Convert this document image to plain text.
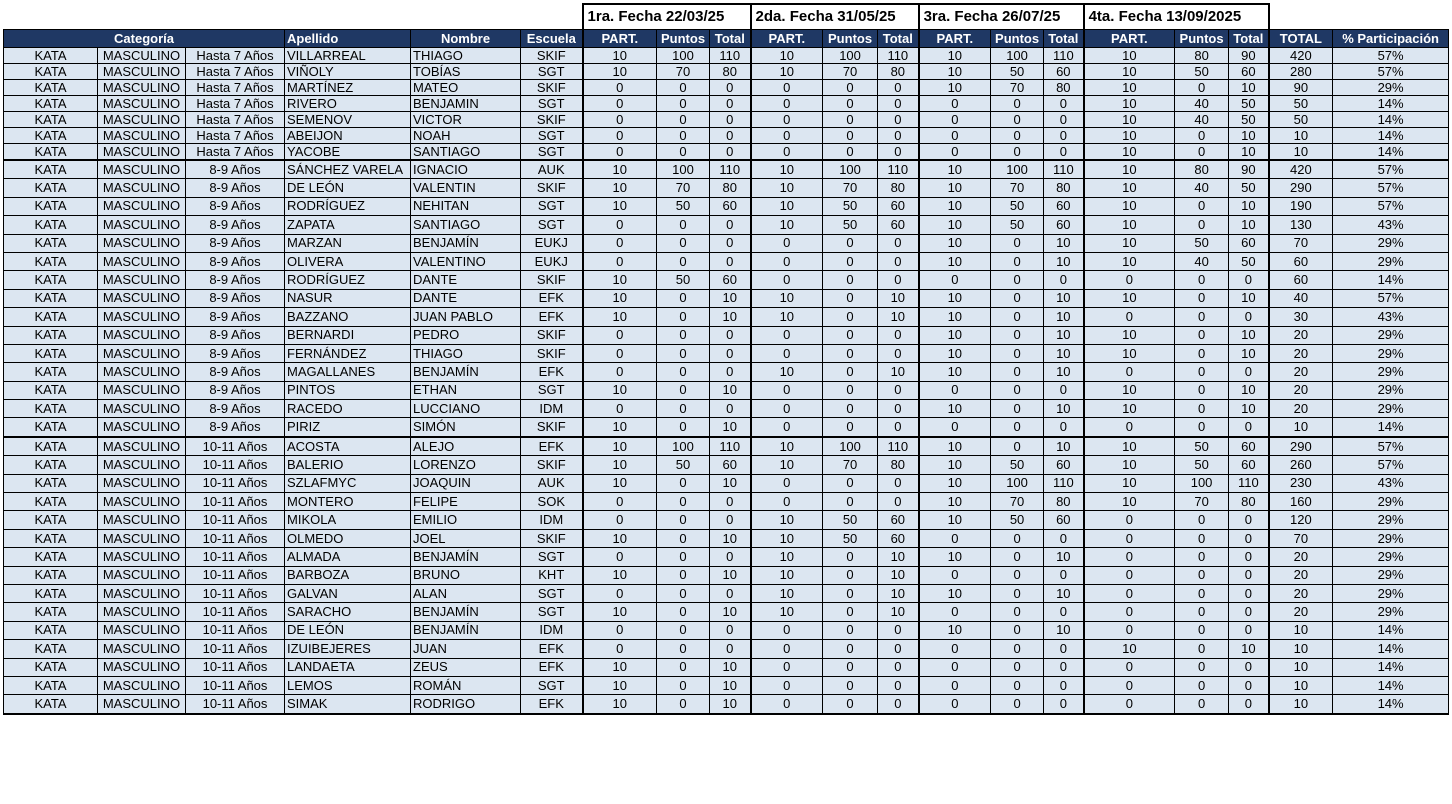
						1ra. Fecha 22/03/25			2da. Fecha 31/05/25			3ra. Fecha 26/07/25			4ta. Fecha 13/09/2025				
Categoría			Apellido	Nombre	Escuela	PART.	Puntos	Total	PART.	Puntos	Total	PART.	Puntos	Total	PART.	Puntos	Total	TOTAL	% Participación
KATA	MASCULINO	Hasta 7 Años	VILLARREAL	THIAGO	SKIF	10	100	110	10	100	110	10	100	110	10	80	90	420	57%
KATA	MASCULINO	Hasta 7 Años	VIÑOLY	TOBÍAS	SGT	10	70	80	10	70	80	10	50	60	10	50	60	280	57%
KATA	MASCULINO	Hasta 7 Años	MARTÍNEZ	MATEO	SKIF	0	0	0	0	0	0	10	70	80	10	0	10	90	29%
KATA	MASCULINO	Hasta 7 Años	RIVERO	BENJAMIN	SGT	0	0	0	0	0	0	0	0	0	10	40	50	50	14%
KATA	MASCULINO	Hasta 7 Años	SEMENOV	VICTOR	SKIF	0	0	0	0	0	0	0	0	0	10	40	50	50	14%
KATA	MASCULINO	Hasta 7 Años	ABEIJON	NOAH	SGT	0	0	0	0	0	0	0	0	0	10	0	10	10	14%
KATA	MASCULINO	Hasta 7 Años	YACOBE	SANTIAGO	SGT	0	0	0	0	0	0	0	0	0	10	0	10	10	14%
KATA	MASCULINO	8-9 Años	SÁNCHEZ VARELA	IGNACIO	AUK	10	100	110	10	100	110	10	100	110	10	80	90	420	57%
KATA	MASCULINO	8-9 Años	DE LEÓN	VALENTIN	SKIF	10	70	80	10	70	80	10	70	80	10	40	50	290	57%
KATA	MASCULINO	8-9 Años	RODRÍGUEZ	NEHITAN	SGT	10	50	60	10	50	60	10	50	60	10	0	10	190	57%
KATA	MASCULINO	8-9 Años	ZAPATA	SANTIAGO	SGT	0	0	0	10	50	60	10	50	60	10	0	10	130	43%
KATA	MASCULINO	8-9 Años	MARZAN	BENJAMÍN	EUKJ	0	0	0	0	0	0	10	0	10	10	50	60	70	29%
KATA	MASCULINO	8-9 Años	OLIVERA	VALENTINO	EUKJ	0	0	0	0	0	0	10	0	10	10	40	50	60	29%
KATA	MASCULINO	8-9 Años	RODRÍGUEZ	DANTE	SKIF	10	50	60	0	0	0	0	0	0	0	0	0	60	14%
KATA	MASCULINO	8-9 Años	NASUR	DANTE	EFK	10	0	10	10	0	10	10	0	10	10	0	10	40	57%
KATA	MASCULINO	8-9 Años	BAZZANO	JUAN PABLO	EFK	10	0	10	10	0	10	10	0	10	0	0	0	30	43%
KATA	MASCULINO	8-9 Años	BERNARDI	PEDRO	SKIF	0	0	0	0	0	0	10	0	10	10	0	10	20	29%
KATA	MASCULINO	8-9 Años	FERNÁNDEZ	THIAGO	SKIF	0	0	0	0	0	0	10	0	10	10	0	10	20	29%
KATA	MASCULINO	8-9 Años	MAGALLANES	BENJAMÍN	EFK	0	0	0	10	0	10	10	0	10	0	0	0	20	29%
KATA	MASCULINO	8-9 Años	PINTOS	ETHAN	SGT	10	0	10	0	0	0	0	0	0	10	0	10	20	29%
KATA	MASCULINO	8-9 Años	RACEDO	LUCCIANO	IDM	0	0	0	0	0	0	10	0	10	10	0	10	20	29%
KATA	MASCULINO	8-9 Años	PIRIZ	SIMÓN	SKIF	10	0	10	0	0	0	0	0	0	0	0	0	10	14%
KATA	MASCULINO	10-11 Años	ACOSTA	ALEJO	EFK	10	100	110	10	100	110	10	0	10	10	50	60	290	57%
KATA	MASCULINO	10-11 Años	BALERIO	LORENZO	SKIF	10	50	60	10	70	80	10	50	60	10	50	60	260	57%
KATA	MASCULINO	10-11 Años	SZLAFMYC	JOAQUIN	AUK	10	0	10	0	0	0	10	100	110	10	100	110	230	43%
KATA	MASCULINO	10-11 Años	MONTERO	FELIPE	SOK	0	0	0	0	0	0	10	70	80	10	70	80	160	29%
KATA	MASCULINO	10-11 Años	MIKOLA	EMILIO	IDM	0	0	0	10	50	60	10	50	60	0	0	0	120	29%
KATA	MASCULINO	10-11 Años	OLMEDO	JOEL	SKIF	10	0	10	10	50	60	0	0	0	0	0	0	70	29%
KATA	MASCULINO	10-11 Años	ALMADA	BENJAMÍN	SGT	0	0	0	10	0	10	10	0	10	0	0	0	20	29%
KATA	MASCULINO	10-11 Años	BARBOZA	BRUNO	KHT	10	0	10	10	0	10	0	0	0	0	0	0	20	29%
KATA	MASCULINO	10-11 Años	GALVAN	ALAN	SGT	0	0	0	10	0	10	10	0	10	0	0	0	20	29%
KATA	MASCULINO	10-11 Años	SARACHO	BENJAMÍN	SGT	10	0	10	10	0	10	0	0	0	0	0	0	20	29%
KATA	MASCULINO	10-11 Años	DE LEÓN	BENJAMÍN	IDM	0	0	0	0	0	0	10	0	10	0	0	0	10	14%
KATA	MASCULINO	10-11 Años	IZUIBEJERES	JUAN	EFK	0	0	0	0	0	0	0	0	0	10	0	10	10	14%
KATA	MASCULINO	10-11 Años	LANDAETA	ZEUS	EFK	10	0	10	0	0	0	0	0	0	0	0	0	10	14%
KATA	MASCULINO	10-11 Años	LEMOS	ROMÁN	SGT	10	0	10	0	0	0	0	0	0	0	0	0	10	14%
KATA	MASCULINO	10-11 Años	SIMAK	RODRIGO	EFK	10	0	10	0	0	0	0	0	0	0	0	0	10	14%
